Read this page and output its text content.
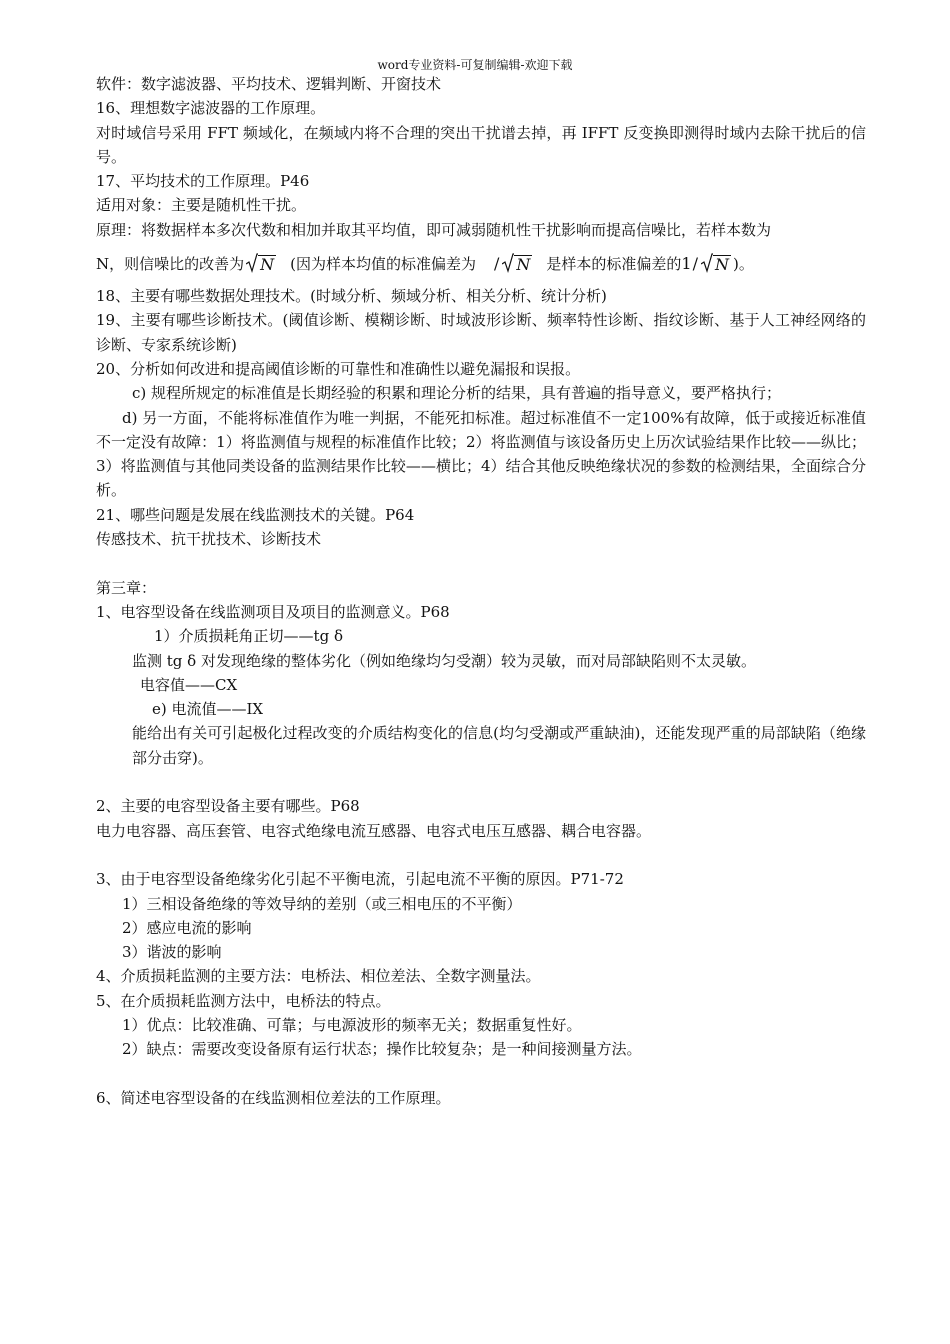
word专业资料-可复制编辑-欢迎下载
软件：数字滤波器、平均技术、逻辑判断、开窗技术
16、理想数字滤波器的工作原理。
对时域信号采用 FFT 频域化，在频域内将不合理的突出干扰谱去掉，再 IFFT 反变换即测得时域内去除干扰后的信号。
17、平均技术的工作原理。P46
适用对象：主要是随机性干扰。
原理：将数据样本多次代数和相加并取其平均值，即可减弱随机性干扰影响而提高信噪比，若样本数为
N，则信噪比的改善为 N (因为样本均值的标准偏差为 / N 是样本的标准偏差的 1 / N )。
18、主要有哪些数据处理技术。(时域分析、频域分析、相关分析、统计分析)
19、主要有哪些诊断技术。(阈值诊断、模糊诊断、时域波形诊断、频率特性诊断、指纹诊断、基于人工神经网络的诊断、专家系统诊断)
20、分析如何改进和提高阈值诊断的可靠性和准确性以避免漏报和误报。
c) 规程所规定的标准值是长期经验的积累和理论分析的结果，具有普遍的指导意义，要严格执行；
d) 另一方面，不能将标准值作为唯一判据，不能死扣标准。超过标准值不一定100%有故障，低于或接近标准值不一定没有故障：1）将监测值与规程的标准值作比较；2）将监测值与该设备历史上历次试验结果作比较——纵比；3）将监测值与其他同类设备的监测结果作比较——横比；4）结合其他反映绝缘状况的参数的检测结果，全面综合分析。
21、哪些问题是发展在线监测技术的关键。P64
传感技术、抗干扰技术、诊断技术
第三章：
1、电容型设备在线监测项目及项目的监测意义。P68
1）介质损耗角正切——tg δ
监测 tg δ 对发现绝缘的整体劣化（例如绝缘均匀受潮）较为灵敏，而对局部缺陷则不太灵敏。
电容值——CX
e) 电流值——IX
能给出有关可引起极化过程改变的介质结构变化的信息(均匀受潮或严重缺油)，还能发现严重的局部缺陷（绝缘部分击穿)。
2、主要的电容型设备主要有哪些。P68
电力电容器、高压套管、电容式绝缘电流互感器、电容式电压互感器、耦合电容器。
3、由于电容型设备绝缘劣化引起不平衡电流，引起电流不平衡的原因。P71-72
1）三相设备绝缘的等效导纳的差别（或三相电压的不平衡）
2）感应电流的影响
3）谐波的影响
4、介质损耗监测的主要方法：电桥法、相位差法、全数字测量法。
5、在介质损耗监测方法中，电桥法的特点。
1）优点：比较准确、可靠；与电源波形的频率无关；数据重复性好。
2）缺点：需要改变设备原有运行状态；操作比较复杂；是一种间接测量方法。
6、简述电容型设备的在线监测相位差法的工作原理。
